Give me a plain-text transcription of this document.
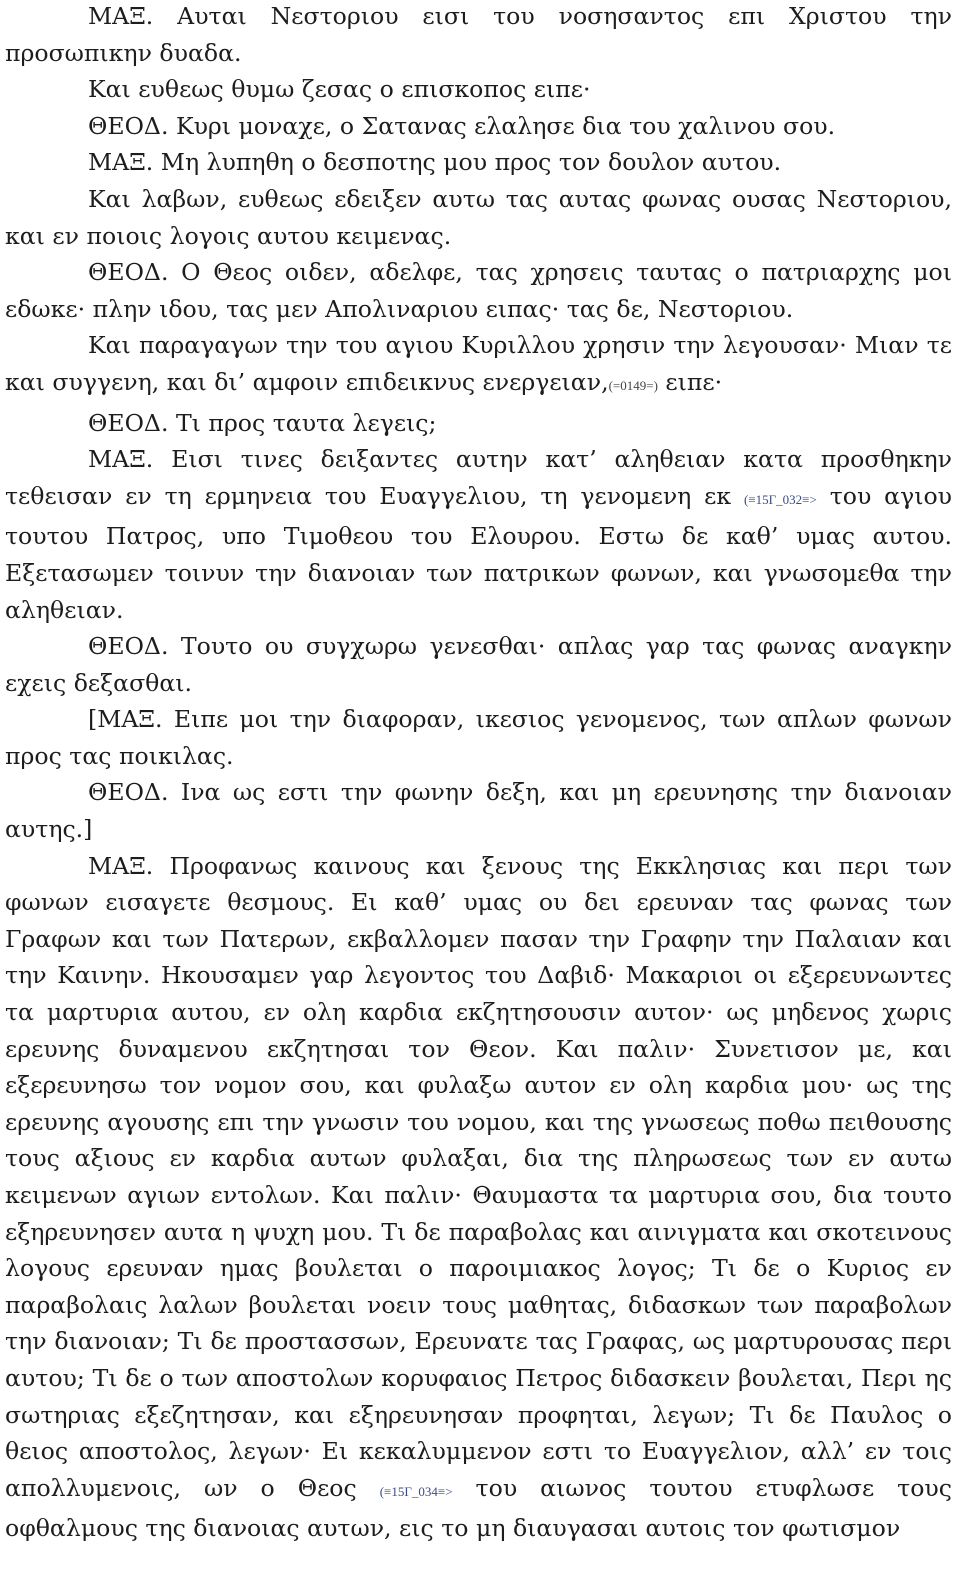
ΜΑΞ. Αυται Νεστοριου εισι του νοσησαντος επι Χριστου την προσωπικην δυαδα.

Και ευθεως θυμω ζεσας ο επισκοπος ειπε·

ΘΕΟΔ. Κυρι μοναχε, ο Σατανας ελαλησε δια του χαλινου σου.

ΜΑΞ. Μη λυπηθη ο δεσποτης μου προς τον δουλον αυτου.

Και λαβων, ευθεως εδειξεν αυτω τας αυτας φωνας ουσας Νεστοριου, και εν ποιοις λογοις αυτου κειμενας.

ΘΕΟΔ. Ο Θεος οιδεν, αδελφε, τας χρησεις ταυτας ο πατριαρχης μοι εδωκε· πλην ιδου, τας μεν Απολιναριου ειπας· τας δε, Νεστοριου.

Και παραγαγων την του αγιου Κυριλλου χρησιν την λεγουσαν· Μιαν τε και συγγενη, και δι’ αμφοιν επιδεικνυς ενεργειαν,(=0149=) ειπε·

ΘΕΟΔ. Τι προς ταυτα λεγεις;

ΜΑΞ. Εισι τινες δειξαντες αυτην κατ’ αληθειαν κατα προσθηκην τεθεισαν εν τη ερμηνεια του Ευαγγελιου, τη γενομενη εκ (≡15Γ_032≡> του αγιου τουτου Πατρος, υπο Τιμοθεου του Ελουρου. Εστω δε καθ’ υμας αυτου. Εξετασωμεν τοινυν την διανοιαν των πατρικων φωνων, και γνωσομεθα την αληθειαν.

ΘΕΟΔ. Τουτο ου συγχωρω γενεσθαι· απλας γαρ τας φωνας αναγκην εχεις δεξασθαι.

[ΜΑΞ. Ειπε μοι την διαφοραν, ικεσιος γενομενος, των απλων φωνων προς τας ποικιλας.

ΘΕΟΔ. Ινα ως εστι την φωνην δεξη, και μη ερευνησης την διανοιαν αυτης.]

ΜΑΞ. Προφανως καινους και ξενους της Εκκλησιας και περι των φωνων εισαγετε θεσμους. Ει καθ’ υμας ου δει ερευναν τας φωνας των Γραφων και των Πατερων, εκβαλλομεν πασαν την Γραφην την Παλαιαν και την Καινην. Ηκουσαμεν γαρ λεγοντος του Δαβιδ· Μακαριοι οι εξερευνωντες τα μαρτυρια αυτου, εν ολη καρδια εκζητησουσιν αυτον· ως μηδενος χωρις ερευνης δυναμενου εκζητησαι τον Θεον. Και παλιν· Συνετισον με, και εξερευνησω τον νομον σου, και φυλαξω αυτον εν ολη καρδια μου· ως της ερευνης αγουσης επι την γνωσιν του νομου, και της γνωσεως ποθω πειθουσης τους αξιους εν καρδια αυτων φυλαξαι, δια της πληρωσεως των εν αυτω κειμενων αγιων εντολων. Και παλιν· Θαυμαστα τα μαρτυρια σου, δια τουτο εξηρευνησεν αυτα η ψυχη μου. Τι δε παραβολας και αινιγματα και σκοτεινους λογους ερευναν ημας βουλεται ο παροιμιακος λογος; Τι δε ο Κυριος εν παραβολαις λαλων βουλεται νοειν τους μαθητας, διδασκων των παραβολων την διανοιαν; Τι δε προστασσων, Ερευνατε τας Γραφας, ως μαρτυρουσας περι αυτου; Τι δε ο των αποστολων κορυφαιος Πετρος διδασκειν βουλεται, Περι ης σωτηριας εξεζητησαν, και εξηρευνησαν προφηται, λεγων; Τι δε Παυλος ο θειος αποστολος, λεγων· Ει κεκαλυμμενον εστι το Ευαγγελιον, αλλ’ εν τοις απολλυμενοις, ων ο Θεος (≡15Γ_034≡> του αιωνος τουτου ετυφλωσε τους οφθαλμους της διανοιας αυτων, εις το μη διαυγασαι αυτοις τον φωτισμον
